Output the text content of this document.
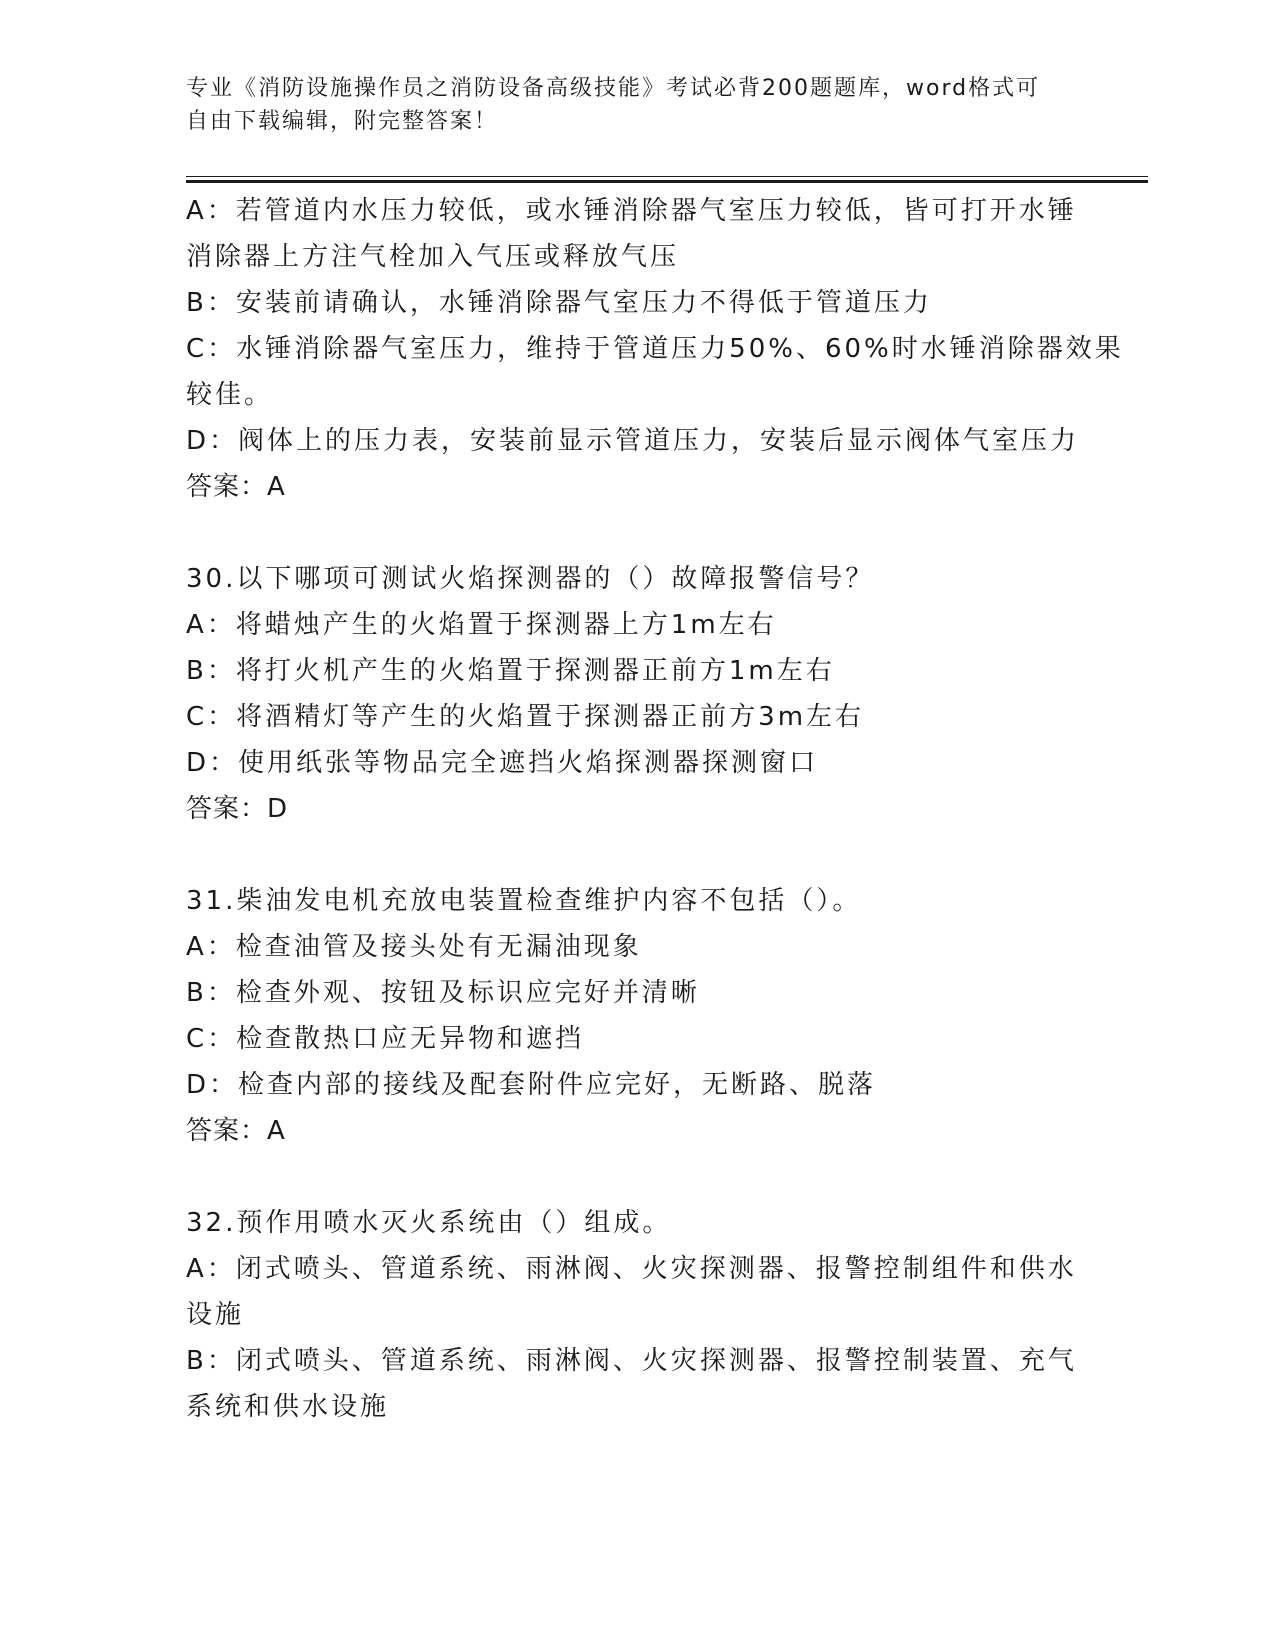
专业《消防设施操作员之消防设备高级技能》考试必背200题题库，word格式可
自由下载编辑，附完整答案！
A：若管道内水压力较低，或水锤消除器气室压力较低，皆可打开水锤
消除器上方注气栓加入气压或释放气压
B：安装前请确认，水锤消除器气室压力不得低于管道压力
C：水锤消除器气室压力，维持于管道压力50%、60%时水锤消除器效果
较佳。
D：阀体上的压力表，安装前显示管道压力，安装后显示阀体气室压力
答案：A
30.以下哪项可测试火焰探测器的（）故障报警信号？
A：将蜡烛产生的火焰置于探测器上方1m左右
B：将打火机产生的火焰置于探测器正前方1m左右
C：将酒精灯等产生的火焰置于探测器正前方3m左右
D：使用纸张等物品完全遮挡火焰探测器探测窗口
答案：D
31.柴油发电机充放电装置检查维护内容不包括（）。
A：检查油管及接头处有无漏油现象
B：检查外观、按钮及标识应完好并清晰
C：检查散热口应无异物和遮挡
D：检查内部的接线及配套附件应完好，无断路、脱落
答案：A
32.预作用喷水灭火系统由（）组成。
A：闭式喷头、管道系统、雨淋阀、火灾探测器、报警控制组件和供水
设施
B：闭式喷头、管道系统、雨淋阀、火灾探测器、报警控制装置、充气
系统和供水设施
